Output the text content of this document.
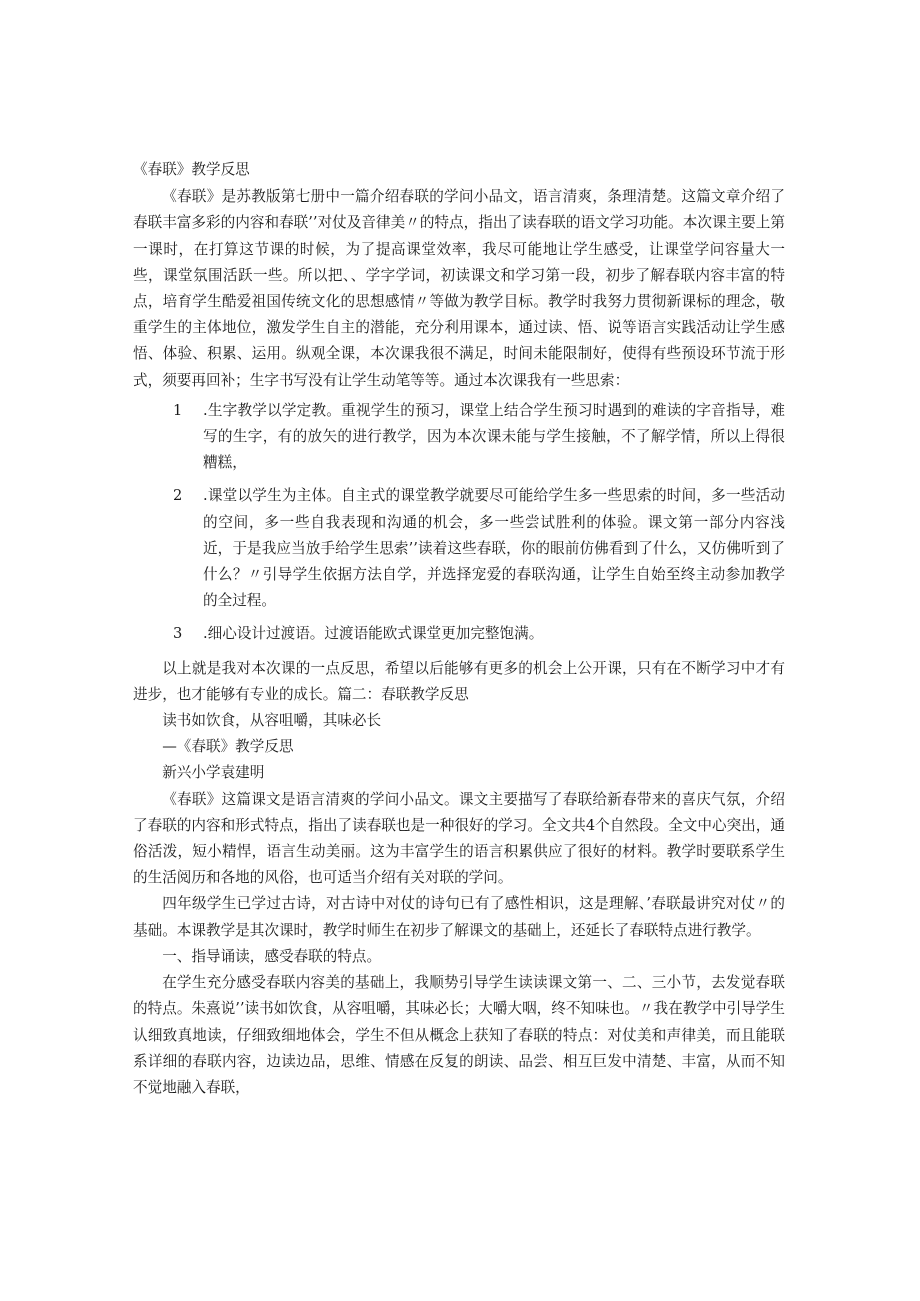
《春联》教学反思

《春联》是苏教版第七册中一篇介绍春联的学问小品文，语言清爽，条理清楚。这篇文章介绍了春联丰富多彩的内容和春联’’对仗及音律美〃的特点，指出了读春联的语文学习功能。本次课主要上第一课时，在打算这节课的时候，为了提高课堂效率，我尽可能地让学生感受，让课堂学问容量大一些，课堂氛围活跃一些。所以把、、学字学词，初读课文和学习第一段，初步了解春联内容丰富的特点，培育学生酷爱祖国传统文化的思想感情〃等做为教学目标。教学时我努力贯彻新课标的理念，敬重学生的主体地位，激发学生自主的潜能，充分利用课本，通过读、悟、说等语言实践活动让学生感悟、体验、积累、运用。纵观全课，本次课我很不满足，时间未能限制好，使得有些预设环节流于形式，须要再回补；生字书写没有让学生动笔等等。通过本次课我有一些思索：

1 .生字教学以学定教。重视学生的预习，课堂上结合学生预习时遇到的难读的字音指导，难写的生字，有的放矢的进行教学，因为本次课未能与学生接触，不了解学情，所以上得很糟糕，
2 .课堂以学生为主体。自主式的课堂教学就要尽可能给学生多一些思索的时间，多一些活动的空间，多一些自我表现和沟通的机会，多一些尝试胜利的体验。课文第一部分内容浅近，于是我应当放手给学生思索’’读着这些春联，你的眼前仿佛看到了什么，又仿佛听到了什么？〃引导学生依据方法自学，并选择宠爱的春联沟通，让学生自始至终主动参加教学的全过程。
3 .细心设计过渡语。过渡语能欧式课堂更加完整饱满。

以上就是我对本次课的一点反思，希望以后能够有更多的机会上公开课，只有在不断学习中才有进步，也才能够有专业的成长。篇二：春联教学反思

读书如饮食，从容咀嚼，其味必长

—《春联》教学反思

新兴小学袁建明

《春联》这篇课文是语言清爽的学问小品文。课文主要描写了春联给新春带来的喜庆气氛，介绍了春联的内容和形式特点，指出了读春联也是一种很好的学习。全文共4个自然段。全文中心突出，通俗活泼，短小精悍，语言生动美丽。这为丰富学生的语言积累供应了很好的材料。教学时要联系学生的生活阅历和各地的风俗，也可适当介绍有关对联的学问。

四年级学生已学过古诗，对古诗中对仗的诗句已有了感性相识，这是理解、’春联最讲究对仗〃的基础。本课教学是其次课时，教学时师生在初步了解课文的基础上，还延长了春联特点进行教学。

一、指导诵读，感受春联的特点。

在学生充分感受春联内容美的基础上，我顺势引导学生读读课文第一、二、三小节，去发觉春联的特点。朱熹说’’读书如饮食，从容咀嚼，其味必长；大嚼大咽，终不知味也。〃我在教学中引导学生认细致真地读，仔细致细地体会，学生不但从概念上获知了春联的特点：对仗美和声律美，而且能联系详细的春联内容，边读边品，思维、情感在反复的朗读、品尝、相互巨发中清楚、丰富，从而不知不觉地融入春联，
